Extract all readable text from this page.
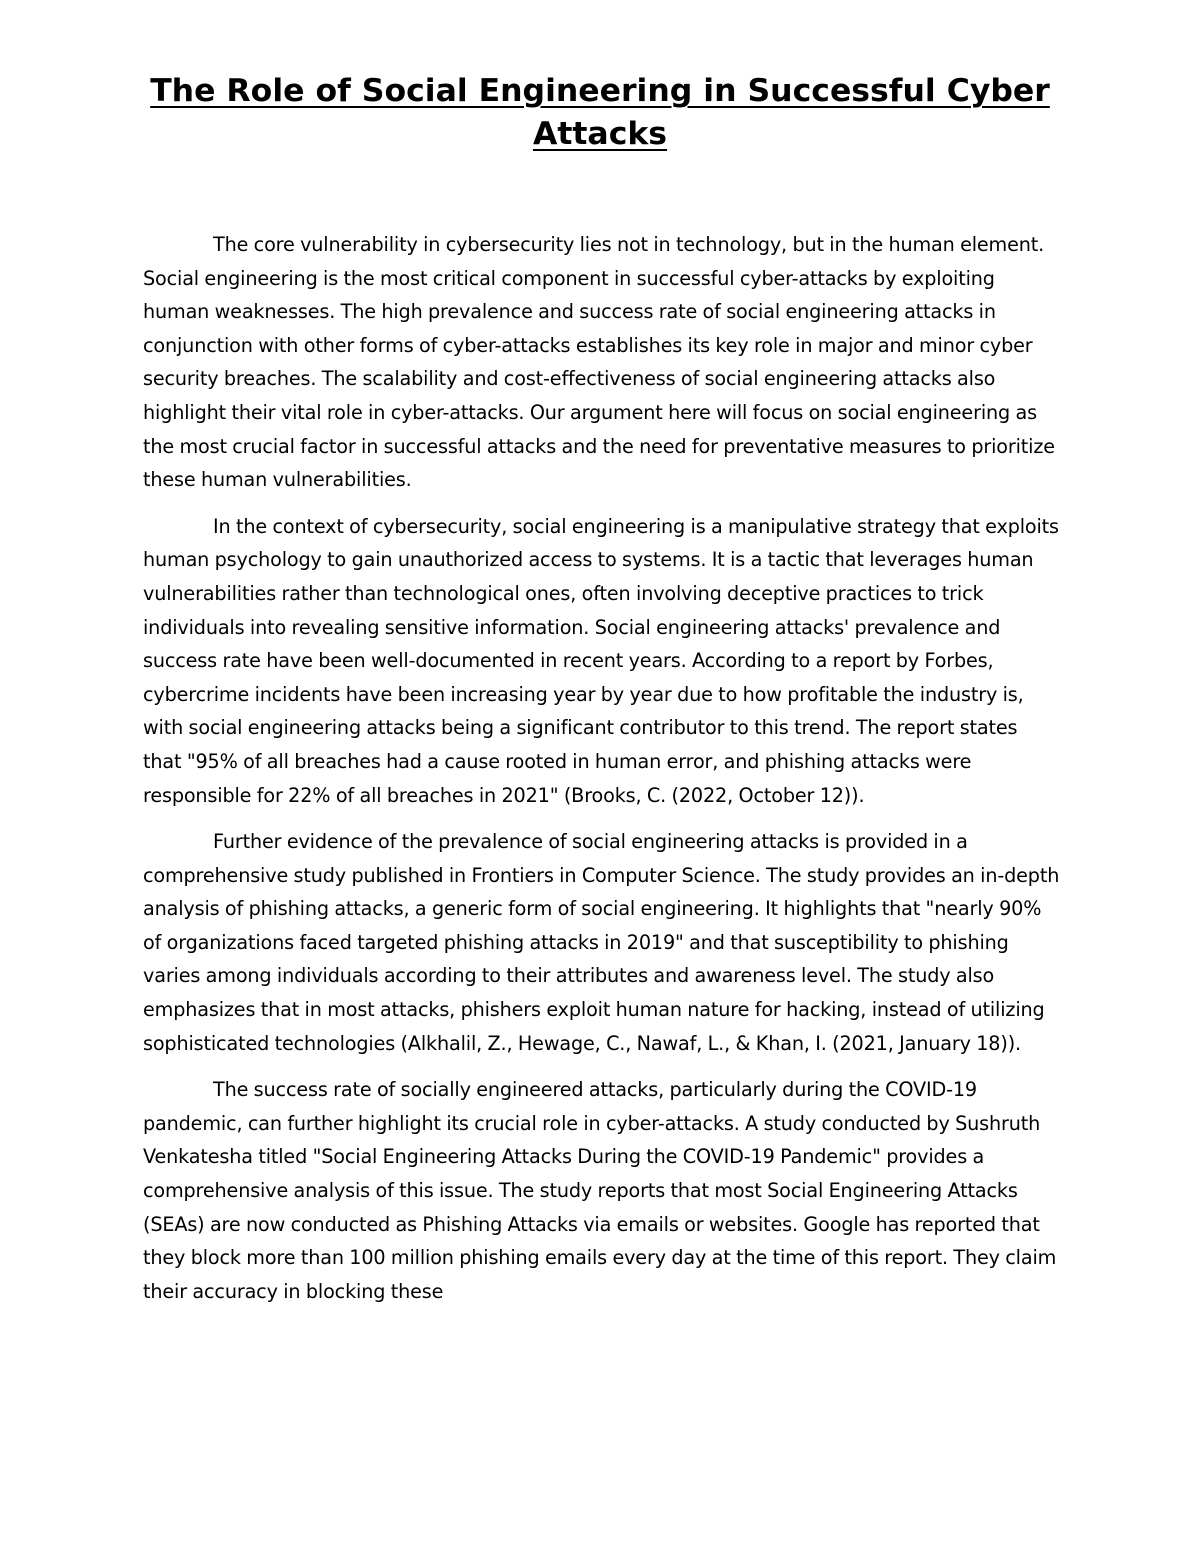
The Role of Social Engineering in Successful Cyber Attacks

The core vulnerability in cybersecurity lies not in technology, but in the human element. Social engineering is the most critical component in successful cyber-attacks by exploiting human weaknesses. The high prevalence and success rate of social engineering attacks in conjunction with other forms of cyber-attacks establishes its key role in major and minor cyber security breaches. The scalability and cost-effectiveness of social engineering attacks also highlight their vital role in cyber-attacks. Our argument here will focus on social engineering as the most crucial factor in successful attacks and the need for preventative measures to prioritize these human vulnerabilities.

In the context of cybersecurity, social engineering is a manipulative strategy that exploits human psychology to gain unauthorized access to systems. It is a tactic that leverages human vulnerabilities rather than technological ones, often involving deceptive practices to trick individuals into revealing sensitive information. Social engineering attacks' prevalence and success rate have been well-documented in recent years. According to a report by Forbes, cybercrime incidents have been increasing year by year due to how profitable the industry is, with social engineering attacks being a significant contributor to this trend. The report states that "95% of all breaches had a cause rooted in human error, and phishing attacks were responsible for 22% of all breaches in 2021" (Brooks, C. (2022, October 12)).

Further evidence of the prevalence of social engineering attacks is provided in a comprehensive study published in Frontiers in Computer Science. The study provides an in-depth analysis of phishing attacks, a generic form of social engineering. It highlights that "nearly 90% of organizations faced targeted phishing attacks in 2019" and that susceptibility to phishing varies among individuals according to their attributes and awareness level. The study also emphasizes that in most attacks, phishers exploit human nature for hacking, instead of utilizing sophisticated technologies (Alkhalil, Z., Hewage, C., Nawaf, L., & Khan, I. (2021, January 18)).

The success rate of socially engineered attacks, particularly during the COVID-19 pandemic, can further highlight its crucial role in cyber-attacks. A study conducted by Sushruth Venkatesha titled "Social Engineering Attacks During the COVID-19 Pandemic" provides a comprehensive analysis of this issue. The study reports that most Social Engineering Attacks (SEAs) are now conducted as Phishing Attacks via emails or websites. Google has reported that they block more than 100 million phishing emails every day at the time of this report. They claim their accuracy in blocking these
